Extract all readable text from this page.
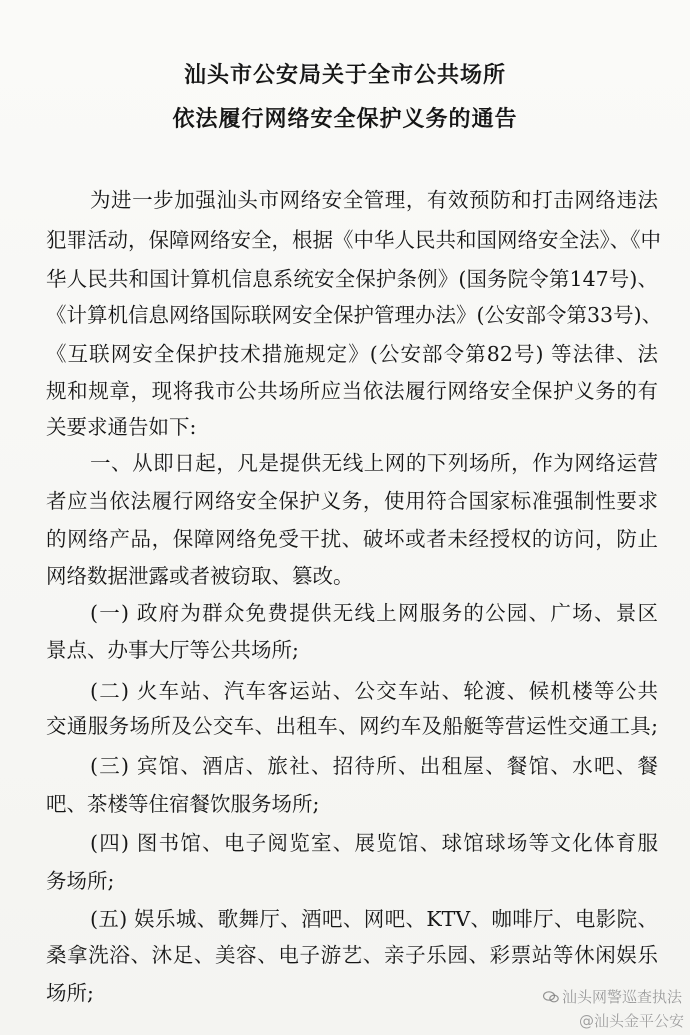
汕头市公安局关于全市公共场所
依法履行网络安全保护义务的通告
为进一步加强汕头市网络安全管理，有效预防和打击网络违法
犯罪活动，保障网络安全，根据《中华人民共和国网络安全法》、《中
华人民共和国计算机信息系统安全保护条例》(国务院令第147号)、
《计算机信息网络国际联网安全保护管理办法》(公安部令第33号)、
《互联网安全保护技术措施规定》(公安部令第82号) 等法律、法
规和规章，现将我市公共场所应当依法履行网络安全保护义务的有
关要求通告如下:
一、从即日起，凡是提供无线上网的下列场所，作为网络运营
者应当依法履行网络安全保护义务，使用符合国家标准强制性要求
的网络产品，保障网络免受干扰、破坏或者未经授权的访问，防止
网络数据泄露或者被窃取、篡改。
(一) 政府为群众免费提供无线上网服务的公园、广场、景区
景点、办事大厅等公共场所;
(二) 火车站、汽车客运站、公交车站、轮渡、候机楼等公共
交通服务场所及公交车、出租车、网约车及船艇等营运性交通工具;
(三) 宾馆、酒店、旅社、招待所、出租屋、餐馆、水吧、餐
吧、茶楼等住宿餐饮服务场所;
(四) 图书馆、电子阅览室、展览馆、球馆球场等文化体育服
务场所;
(五) 娱乐城、歌舞厅、酒吧、网吧、KTV、咖啡厅、电影院、
桑拿洗浴、沐足、美容、电子游艺、亲子乐园、彩票站等休闲娱乐
场所;	汕头网警巡查执法
@汕头金平公安
